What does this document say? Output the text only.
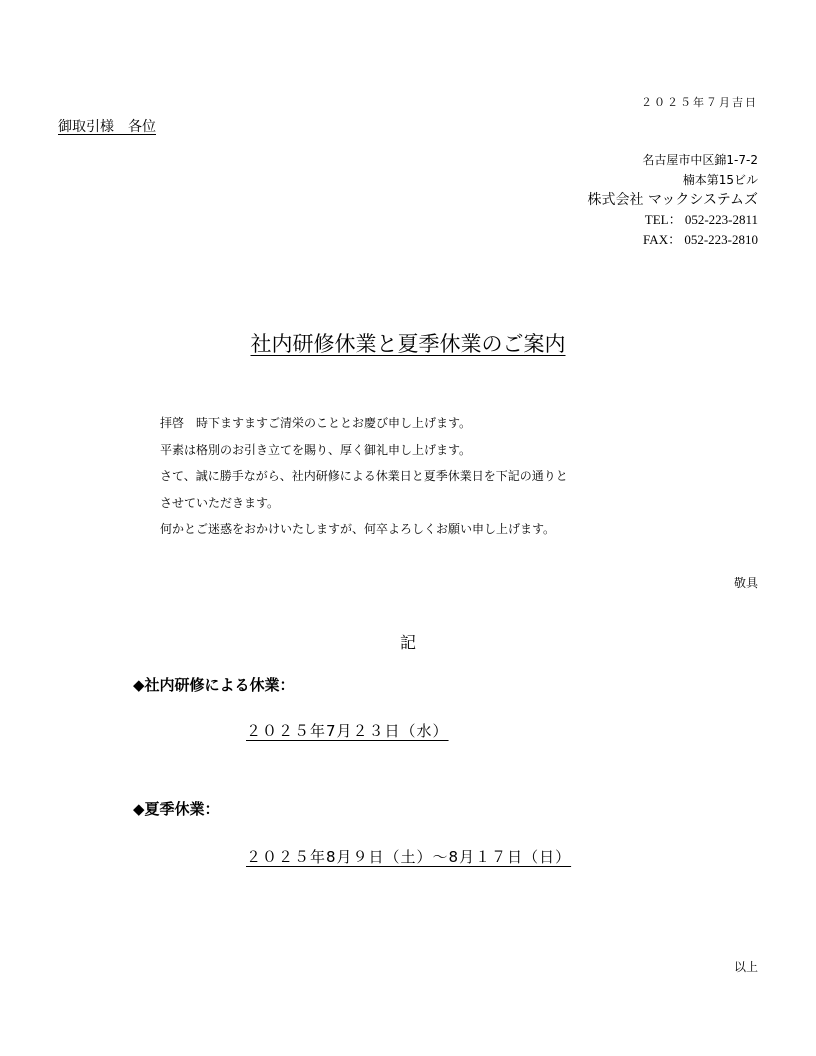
２０２５年７月吉日
御取引様　各位
名古屋市中区錦1-7-2
楠本第15ビル
株式会社 マックシステムズ
TEL： 052-223-2811
FAX： 052-223-2810
社内研修休業と夏季休業のご案内

拝啓　時下ますますご清栄のこととお慶び申し上げます。

平素は格別のお引き立てを賜り、厚く御礼申し上げます。

さて、誠に勝手ながら、社内研修による休業日と夏季休業日を下記の通りと

させていただきます。

何かとご迷惑をおかけいたしますが、何卒よろしくお願い申し上げます。

敬具
記
◆社内研修による休業：
２０２５年7月２３日（水）
◆夏季休業：
２０２５年8月９日（土）～8月１７日（日）
以上
